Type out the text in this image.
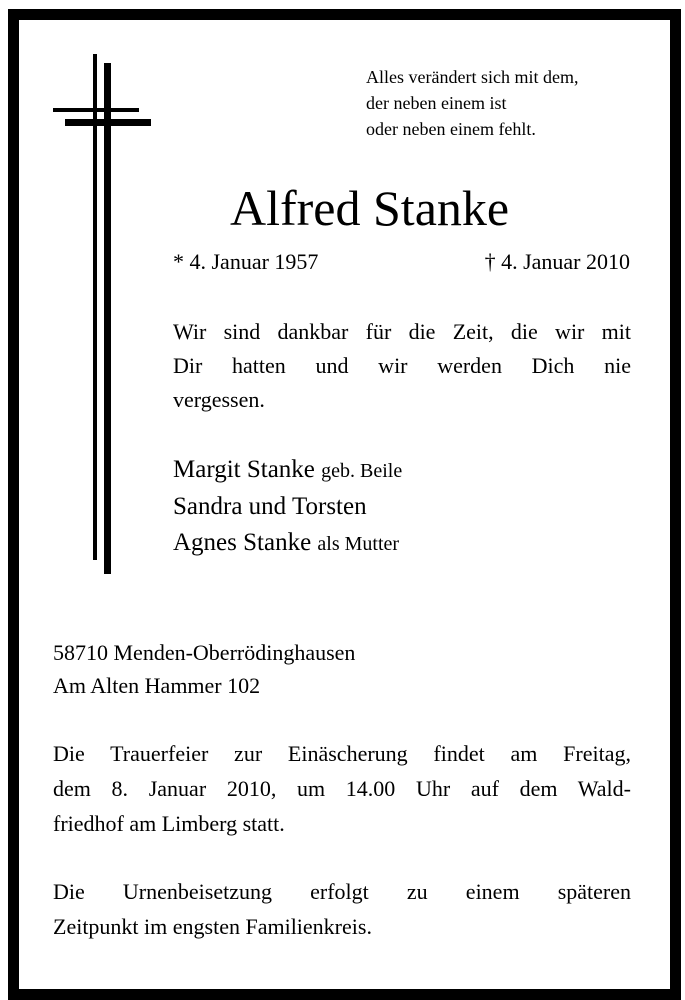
Alles verändert sich mit dem,
der neben einem ist
oder neben einem fehlt.
Alfred Stanke
* 4. Januar 1957	† 4. Januar 2010
Wir sind dankbar für die Zeit, die wir mit
Dir hatten und wir werden Dich nie
vergessen.
Margit Stanke geb. Beile
Sandra und Torsten
Agnes Stanke als Mutter
58710 Menden-Oberrödinghausen
Am Alten Hammer 102
Die Trauerfeier zur Einäscherung findet am Freitag,
dem 8. Januar 2010, um 14.00 Uhr auf dem Wald-
friedhof am Limberg statt.
Die Urnenbeisetzung erfolgt zu einem späteren
Zeitpunkt im engsten Familienkreis.
